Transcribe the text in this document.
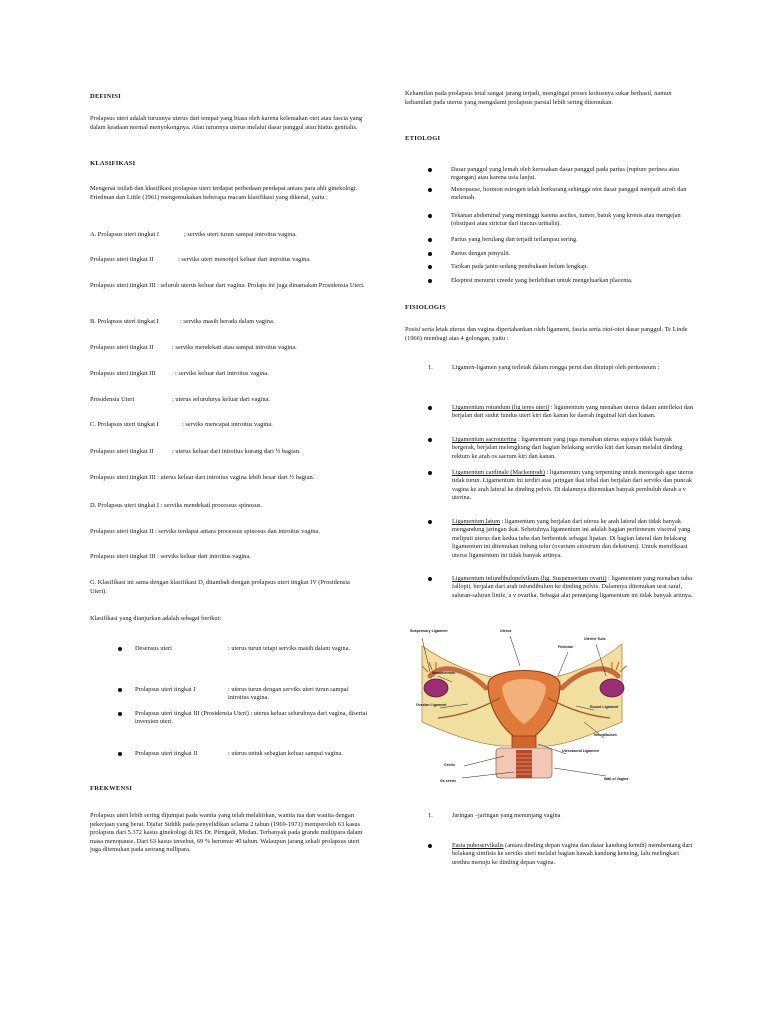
DEFINISI
Prolapsus uteri adalah turunnya uterus dari tempat yang biasa oleh karena kelemahan otot atau fascia yang dalam keadaan normal menyokongnya. Atau turunnya uterus melalui dasar panggul atau hiatus genitalis.
KLASIFIKASI
Mengenai istilah dan klasifikasi prolapsus uteri terdapat perbedaan pendapat antara para ahli ginekologi. Friedman dan Little (1961) mengemukakan beberapa macam klasifikasi yang dikenal, yaitu :
A. Prolapsus uteri tingkat I	; serviks uteri turun sampai introitus vagina.
Prolapsus uteri tingkat II	: serviks uteri menonjol keluar dari introitus vagina.
Prolapsus uteri tingkat III : seluruh uterus keluar dari vagina. Prolaps ini juga dinamakan Prosidensia Uteri.
B. Prolapsus uteri tingkat I	: serviks masih berada dalam vagina.
Prolapsus uteri tingkat II	: serviks mendekati atau sampai introitus vagina.
Prolapsus uteri tingkat III	: serviks keluar dari introitus vagina.
Prosidensia Uteri	: uterus seluruhnya keluar dari vagina.
C. Prolapsus uteri tingkat I	: serviks mencapai introitus vagina.
Prolapsus uteri tingkat II	: uterus keluar dari introitus kurang dari ½ bagian.
Prolapsus uteri tingkat III : uterus keluar dari introitus vagina lebih besar dari ½ bagian.
D. Prolapsus uteri tingkat I : serviks mendekati processus spinosus.
Prolapsus uteri tingkat II : serviks terdapat antara processus spinosus dan introitus vagina.
Prolapsus uteri tingkat III : serviks keluar dari introitus vagina.
G. Klasifikasi ini sama dengan klasifikasi D, ditambah dengan prolapsus uteri tingkat IV (Prosidensia Uteri).
Klasifikasi yang dianjurkan adalah sebagai berikut:
Desensus uteri	: uterus turun tetapi serviks masih dalam vagina.
Prolapsus uteri tingkat I	: uterus turun dengan serviks uteri turun sampai introitus vagina.
Prolapsus uteri tingkat III (Prosidensia Uteri) : uterus keluar seluruhnya dari vagina, disertai inversion uteri.
Prolapsus uteri tingkat II	: uterus untuk sebagian keluar sampai vagina.
FREKWENSI
Prolapsus uteri lebih sering dijumpai pada wanita yang telah melahirkan, wanita tua dan wanita dengan pekerjaan yang berat. Djafar Siddik pada penyelidikan selama 2 tahun (1969-1971) memperoleh 63 kasus prolapsus dari 5.372 kasus ginekologi di RS Dr. Pirngadi, Medan. Terbanyak pada grande multipara dalam masa menopause. Dari 63 kasus tersebut, 69 % berumur 40 tahun. Walaupun jarang sekali prolapsus uteri juga ditemukan pada seorang nullipara.
Kehamilan pada prolapsus total sangat jarang terjadi, mengingat proses koitusnya sukar berhasil, namun kehamilan pada uterus yang mengalami prolapsus parsial lebih sering ditemukan.
ETIOLOGI
Dasar panggul yang lemah oleh kerusakan dasar panggul pada partus (rupture perinea atau regangan) atau karena usia lanjut.
Menopause, hormon estrogen telah berkurang sehingga otot dasar panggul menjadi atrofi dan melemah.
Tekanan abdominal yang meninggi karena ascites, tumor, batuk yang kronis atau mengejan (obstipasi atau strictur dari tractus urinalis).
Partus yang berulang dan terjadi terlampau sering.
Partus dengan penyulit.
Tarikan pada janin sedang pembukaan belum lengkap.
Ekspresi menurut creede yang berlebihan untuk mengeluarkan placenta.
FISIOLOGIS
Posisi serta letak uterus dan vagina dipertahankan oleh ligament, fascia serta otot-otot dasar panggul. Te Linde (1966) membagi atas 4 golongan, yaitu :
1.	Ligamen-ligamen yang terletak dalam rongga perut dan ditutupi oleh peritoneum :
Ligamentum rotundum (lig teres uteri) : ligamentum yang menahan uterus dalam antefleksi dan berjalan dari sudut fundus uteri kiri dan kanan ke daerah inguinal kiri dan kanan.
Ligamentum sacrouterina : ligamentum yang juga menahan uterus supaya tidak banyak bergerak, berjalan melengkung dari bagian belakang serviks kiri dan kanan melalui dinding rektum ke arah os sacrum kiri dan kanan.
Ligamentum cardinale (Mackenrodt) : ligamentum yang terpenting untuk mencegah agar uterus tidak turun. Ligamentum ini terdiri atas jaringan ikat tebal dan berjalan dari serviks dan puncak vagina ke arah lateral ke dinding pelvis. Di dalamnya ditemukan banyak pembuluh darah a v uterina.
Ligamentum latum : ligamentum yang berjalan dari uterus ke arah lateral dan tidak banyak mengandung jaringan ikat. Sebetulnya ligamentum ini adalah bagian peritoneum visceral yang meliputi uterus dan kedua tuba dan berbentuk sebagai lipatan. Di bagian lateral dan belakang ligamentum ini ditemukan indung telur (ovarium sinistrum dan dekstrum). Untuk memfiksasi uterus ligamentum ini tidak banyak artinya.
Ligamentum infundibulopelvikum (lig. Suspensorium ovarii) : ligamentum yang menahan tuba fallopii, berjalan dari arah infundibulum ke dinding pelvis. Dalamnya ditemukan urat saraf, saluran-saluran limfe, a v ovarika. Sebagai alat penunjang ligamentum ini tidak banyak artinya.
1.	Jaringan –jaringan yang menunjang vagina
Fasia puboservikalis (antara dinding depan vagina dan dasar kandung kemih) membentang dari belakang simfisis ke serviks uteri melalui bagian bawah kandung kencing, lalu melingkari urethra menuju ke dinding depan vagina.
Suspensory Ligament	Uterus
Fimbriae
Uterine Tube
Mesometrium
Ovarian Ligament	Round Ligament
Infundibulum
Uterosacral Ligament
Cervix
Os cervix	Wall of Vagina
